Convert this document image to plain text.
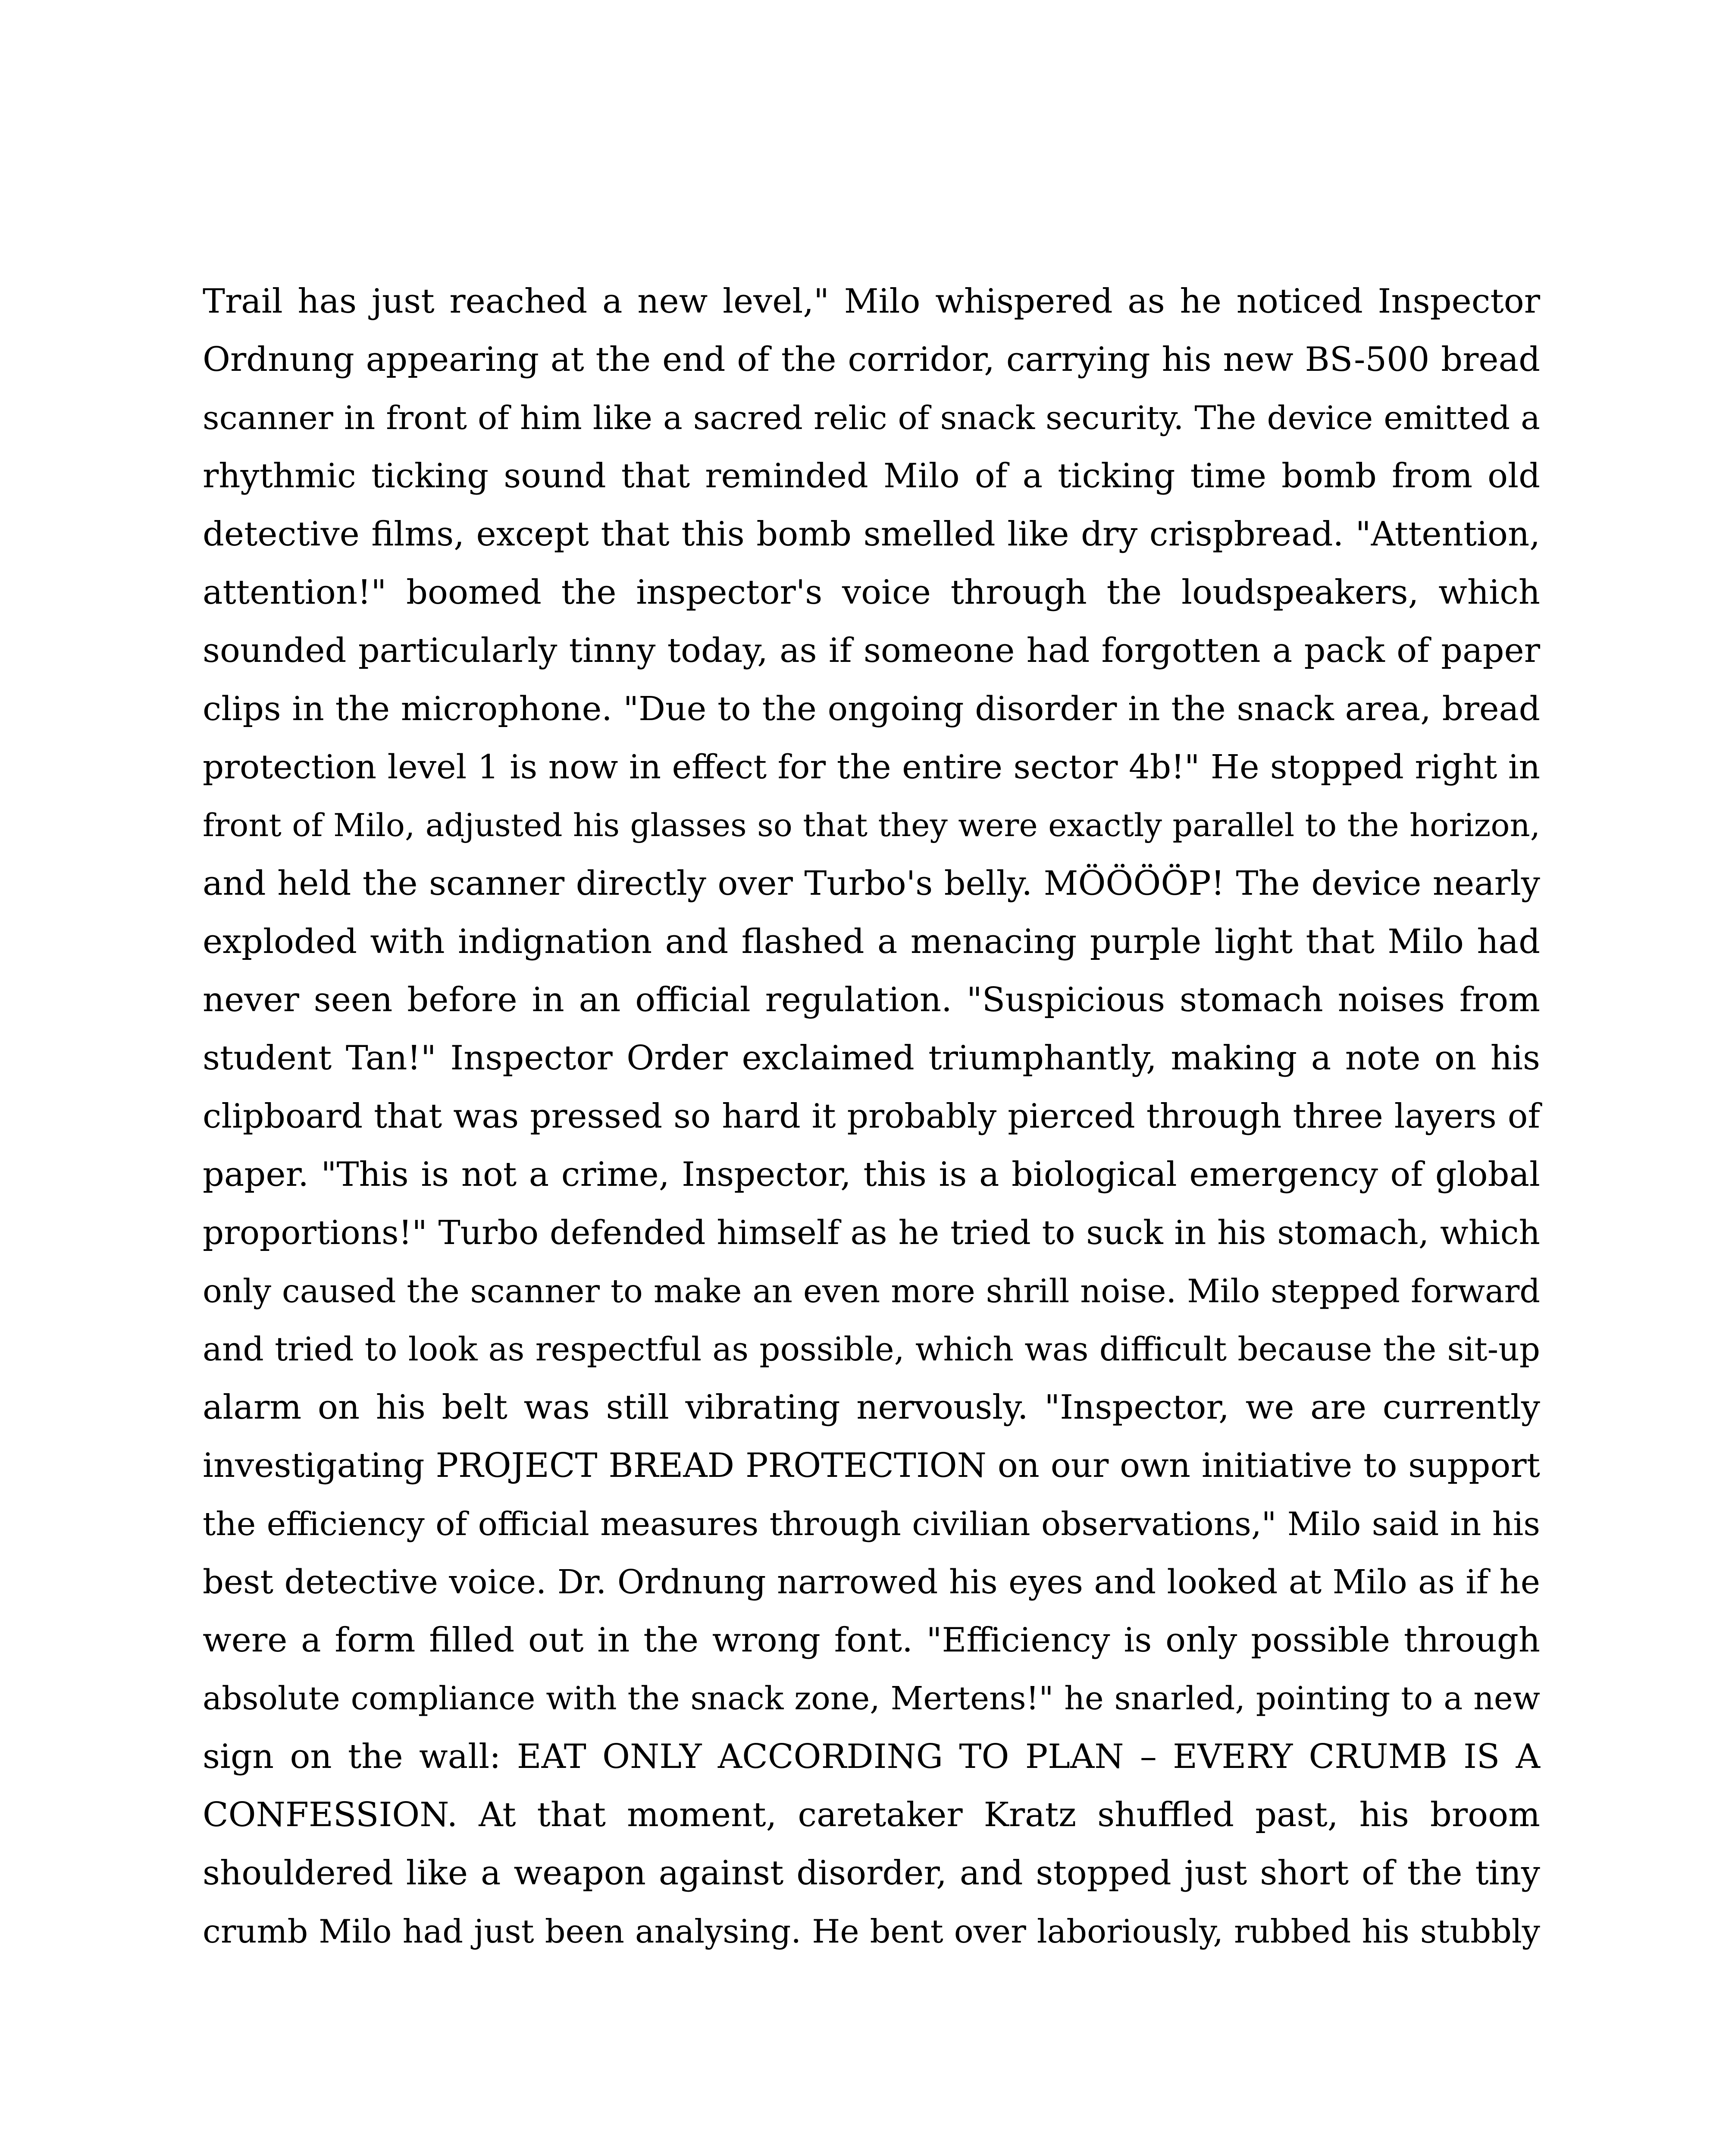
Trail has just reached a new level," Milo whispered as he noticed Inspector
Ordnung appearing at the end of the corridor, carrying his new BS-500 bread
scanner in front of him like a sacred relic of snack security. The device emitted a
rhythmic ticking sound that reminded Milo of a ticking time bomb from old
detective films, except that this bomb smelled like dry crispbread. "Attention,
attention!" boomed the inspector's voice through the loudspeakers, which
sounded particularly tinny today, as if someone had forgotten a pack of paper
clips in the microphone. "Due to the ongoing disorder in the snack area, bread
protection level 1 is now in effect for the entire sector 4b!" He stopped right in
front of Milo, adjusted his glasses so that they were exactly parallel to the horizon,
and held the scanner directly over Turbo's belly. MÖÖÖÖP! The device nearly
exploded with indignation and flashed a menacing purple light that Milo had
never seen before in an official regulation. "Suspicious stomach noises from
student Tan!" Inspector Order exclaimed triumphantly, making a note on his
clipboard that was pressed so hard it probably pierced through three layers of
paper. "This is not a crime, Inspector, this is a biological emergency of global
proportions!" Turbo defended himself as he tried to suck in his stomach, which
only caused the scanner to make an even more shrill noise. Milo stepped forward
and tried to look as respectful as possible, which was difficult because the sit-up
alarm on his belt was still vibrating nervously. "Inspector, we are currently
investigating PROJECT BREAD PROTECTION on our own initiative to support
the efficiency of official measures through civilian observations," Milo said in his
best detective voice. Dr. Ordnung narrowed his eyes and looked at Milo as if he
were a form filled out in the wrong font. "Efficiency is only possible through
absolute compliance with the snack zone, Mertens!" he snarled, pointing to a new
sign on the wall: EAT ONLY ACCORDING TO PLAN – EVERY CRUMB IS A
CONFESSION. At that moment, caretaker Kratz shuffled past, his broom
shouldered like a weapon against disorder, and stopped just short of the tiny
crumb Milo had just been analysing. He bent over laboriously, rubbed his stubbly
